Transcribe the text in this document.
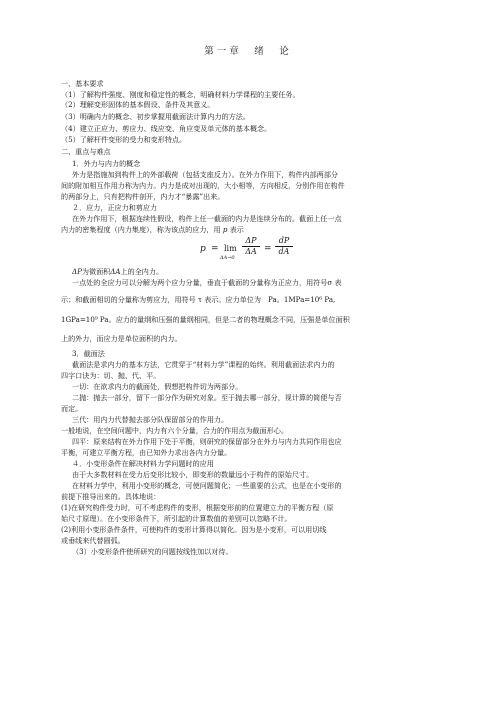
第一章　绪　论
一、基本要求
（1）了解构件强度、刚度和稳定性的概念，明确材料力学课程的主要任务。
（2）理解变形固体的基本假设、条件及其意义。
（3）明确内力的概念、初步掌握用截面法计算内力的方法。
（4）建立正应力、剪应力、线应变、角应变及单元体的基本概念。
（5）了解杆件变形的受力和变形特点。
二、重点与难点
1．外力与内力的概念
外力是指施加到构件上的外部载荷（包括支座反力）。在外力作用下，构件内部两部分
间的附加相互作用力称为内力。内力是成对出现的，大小相等，方向相反，分别作用在构件
的两部分上，只有把构件剖开，内力才“暴露”出来。
２．应力，正应力和剪应力
在外力作用下，根据连续性假设，构件上任一截面的内力是连续分布的。截面上任一点
内力的密集程度（内力集度），称为该点的应力，用 p 表示
p = lim
ΔA→0
$\frac{\Delta P}{\Delta A} = \frac{dP}{dA}$
ΔP为微面积ΔA上的全内力。
一点处的全应力可以分解为两个应力分量，垂直于截面的分量称为正应力，用符号σ 表
示；和截面相切的分量称为剪应力，用符号 τ 表示。应力单位为　Pa。1MPa=10⁶ Pa,
1GPa=10⁹ Pa。应力的量纲和压强的量纲相同，但是二者的物理概念不同，压强是单位面积
上的外力，而应力是单位面积的内力。
3．截面法
截面法是求内力的基本方法，它贯穿于“材料力学”课程的始终。利用截面法求内力的
四字口诀为：切、抛、代、平。
一切：在欲求内力的截面处，假想把构件切为两部分。
二抛：抛去一部分，留下一部分作为研究对象。至于抛去哪一部分，视计算的简便与否
而定。
三代：用内力代替抛去部分队保留部分的作用力。
一般地说，在空间问题中，内力有六个分量，合力的作用点为截面形心。
四平：原来结构在外力作用下处于平衡，则研究的保留部分在外力与内力共同作用也应
平衡，可建立平衡方程，由已知外力求出各内力分量。
４．小变形条件在解决材料力学问题时的应用
由于大多数材料在受力后变形比较小，即变形的数量远小于构件的原始尺寸。
在材料力学中，利用小变形的概念，可使问题简化；一些重要的公式，也是在小变形的
前提下推导出来的。具体地说：
(1)在研究构件受力时，可不考虑构件的变形，根据变形前的位置建立力的平衡方程（原
始尺寸原理）。在小变形条件下，所引起的计算数值的差别可以忽略不计。
(2)利用小变形条件条件，可使构件的变形计算得以简化。因为是小变形，可以用切线
或垂线来代替圆弧。
（3）小变形条件使所研究的问题按线性加以对待。
